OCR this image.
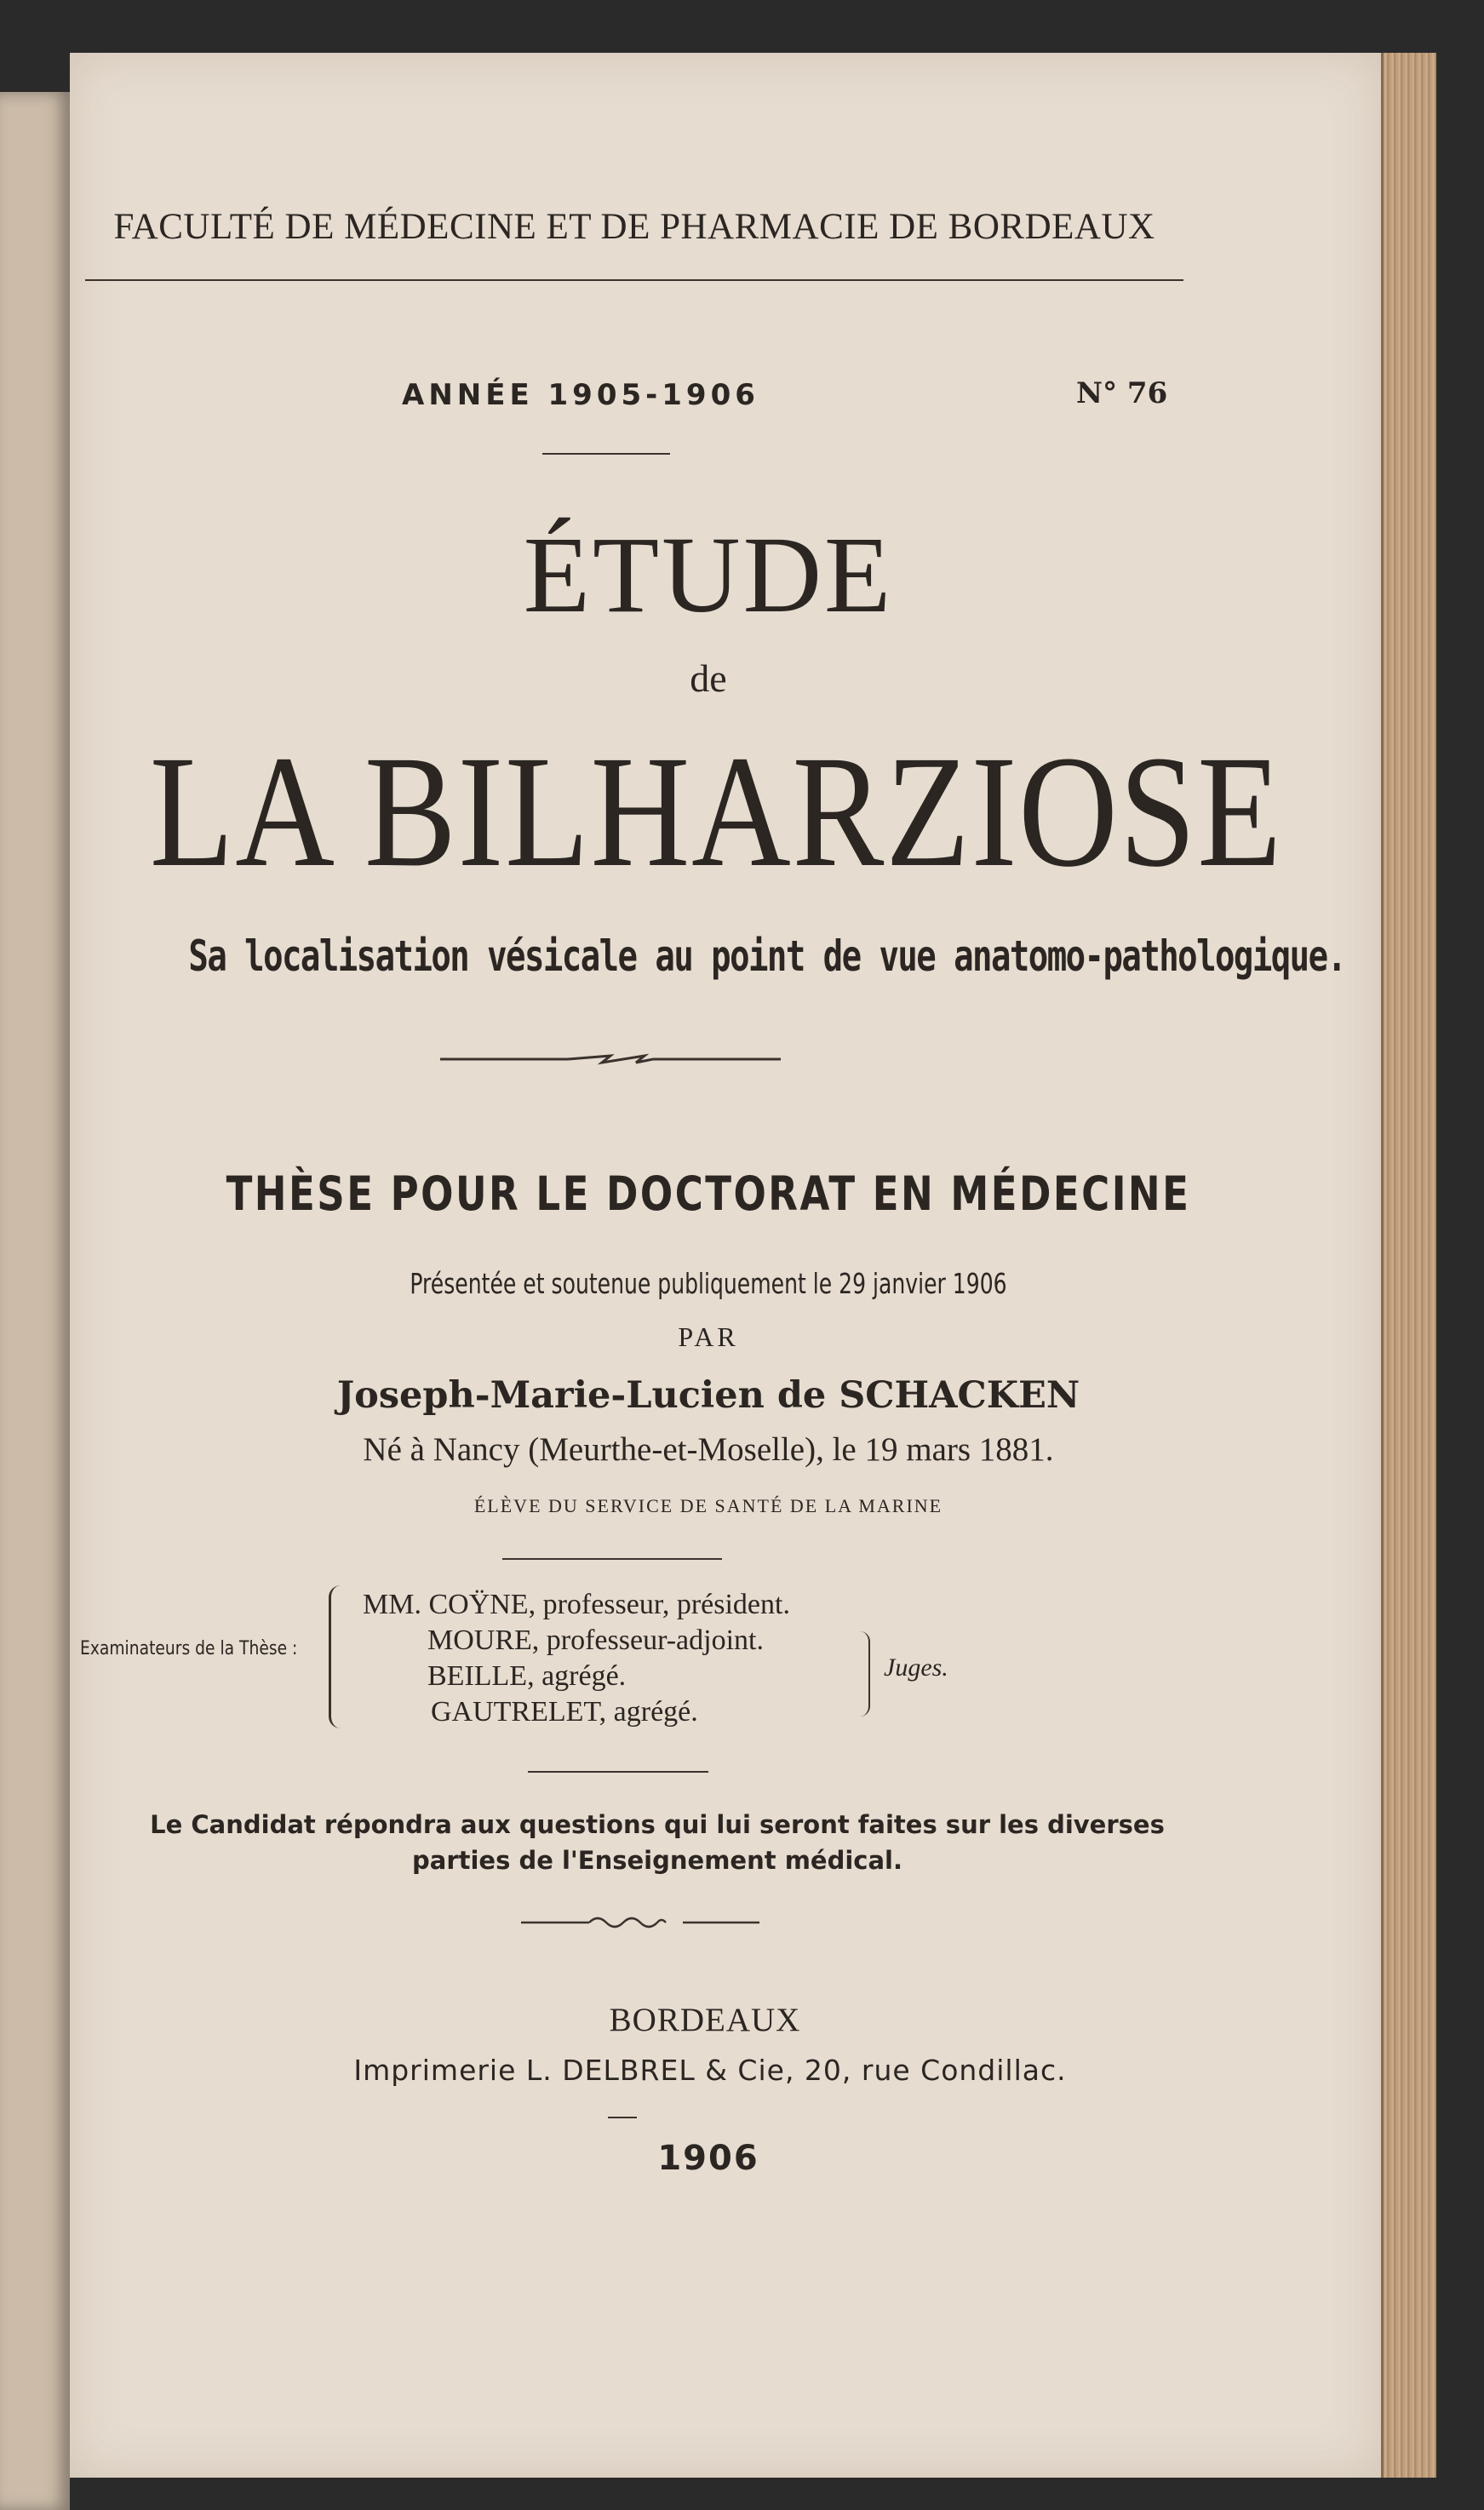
FACULTÉ DE MÉDECINE ET DE PHARMACIE DE BORDEAUX
ANNÉE 1905-1906	N° 76
ÉTUDE
de
LA BILHARZIOSE
Sa localisation vésicale au point de vue anatomo-pathologique.
THÈSE POUR LE DOCTORAT EN MÉDECINE
Présentée et soutenue publiquement le 29 janvier 1906
PAR
Joseph-Marie-Lucien de SCHACKEN
Né à Nancy (Meurthe-et-Moselle), le 19 mars 1881.
ÉLÈVE DU SERVICE DE SANTÉ DE LA MARINE
Examinateurs de la Thèse :
MM. COŸNE, professeur, président.
MOURE, professeur-adjoint.
BEILLE, agrégé.
GAUTRELET, agrégé.
Juges.
Le Candidat répondra aux questions qui lui seront faites sur les diverses
parties de l'Enseignement médical.
BORDEAUX
Imprimerie L. DELBREL & Cie, 20, rue Condillac.
1906
